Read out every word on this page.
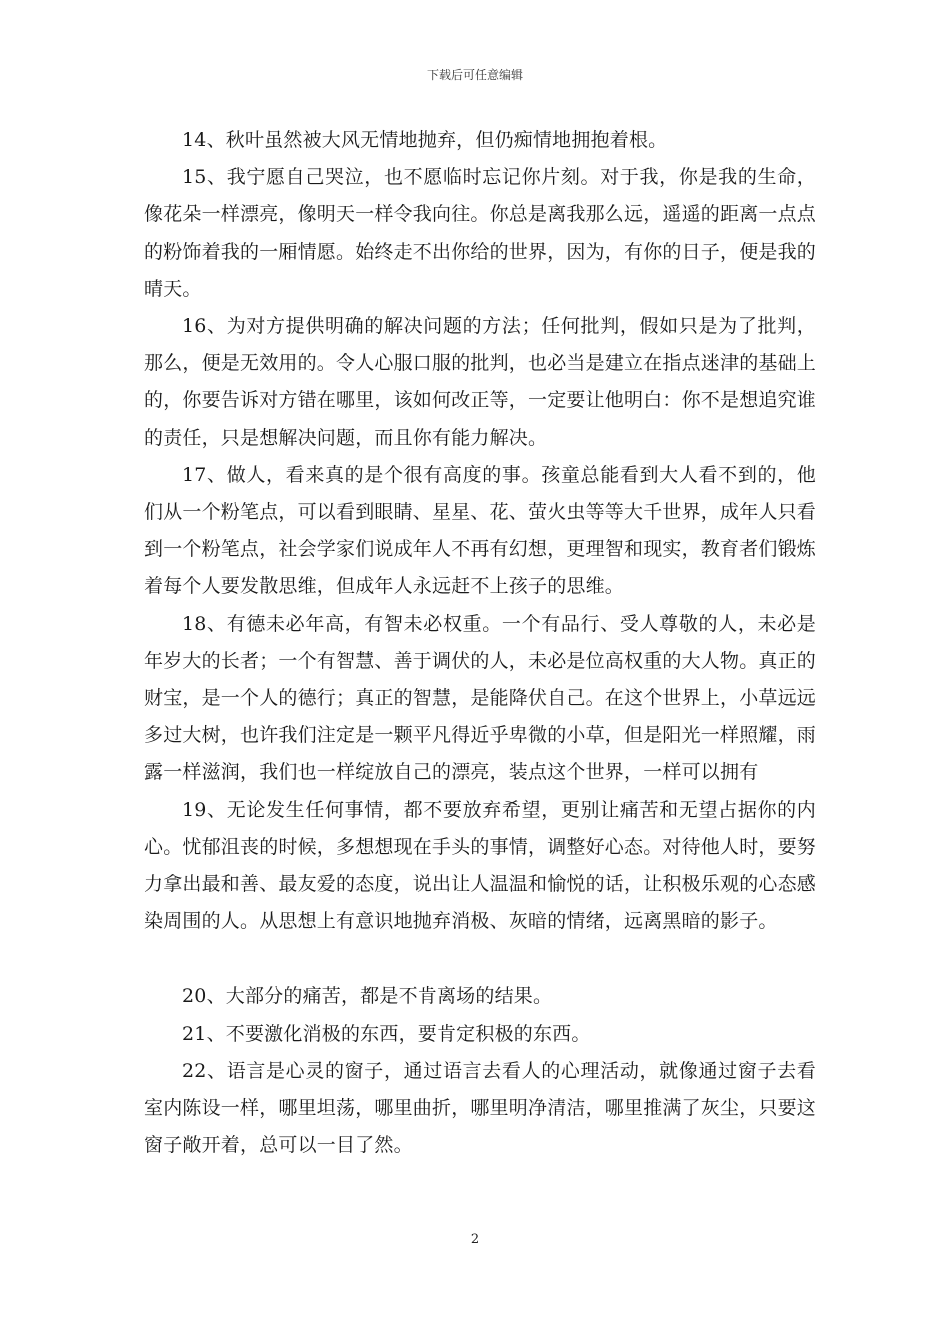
下载后可任意编辑

14、秋叶虽然被大风无情地抛弃，但仍痴情地拥抱着根。

15、我宁愿自己哭泣，也不愿临时忘记你片刻。对于我，你是我的生命，像花朵一样漂亮，像明天一样令我向往。你总是离我那么远，遥遥的距离一点点的粉饰着我的一厢情愿。始终走不出你给的世界，因为，有你的日子，便是我的晴天。

16、为对方提供明确的解决问题的方法；任何批判，假如只是为了批判，那么，便是无效用的。令人心服口服的批判，也必当是建立在指点迷津的基础上的，你要告诉对方错在哪里，该如何改正等，一定要让他明白：你不是想追究谁的责任，只是想解决问题，而且你有能力解决。

17、做人，看来真的是个很有高度的事。孩童总能看到大人看不到的，他们从一个粉笔点，可以看到眼睛、星星、花、萤火虫等等大千世界，成年人只看到一个粉笔点，社会学家们说成年人不再有幻想，更理智和现实，教育者们锻炼着每个人要发散思维，但成年人永远赶不上孩子的思维。

18、有德未必年高，有智未必权重。一个有品行、受人尊敬的人，未必是年岁大的长者；一个有智慧、善于调伏的人，未必是位高权重的大人物。真正的财宝，是一个人的德行；真正的智慧，是能降伏自己。在这个世界上，小草远远多过大树，也许我们注定是一颗平凡得近乎卑微的小草，但是阳光一样照耀，雨露一样滋润，我们也一样绽放自己的漂亮，装点这个世界，一样可以拥有

19、无论发生任何事情，都不要放弃希望，更别让痛苦和无望占据你的内心。忧郁沮丧的时候，多想想现在手头的事情，调整好心态。对待他人时，要努力拿出最和善、最友爱的态度，说出让人温温和愉悦的话，让积极乐观的心态感染周围的人。从思想上有意识地抛弃消极、灰暗的情绪，远离黑暗的影子。

20、大部分的痛苦，都是不肯离场的结果。

21、不要激化消极的东西，要肯定积极的东西。

22、语言是心灵的窗子，通过语言去看人的心理活动，就像通过窗子去看室内陈设一样，哪里坦荡，哪里曲折，哪里明净清洁，哪里推满了灰尘，只要这窗子敞开着，总可以一目了然。

2
